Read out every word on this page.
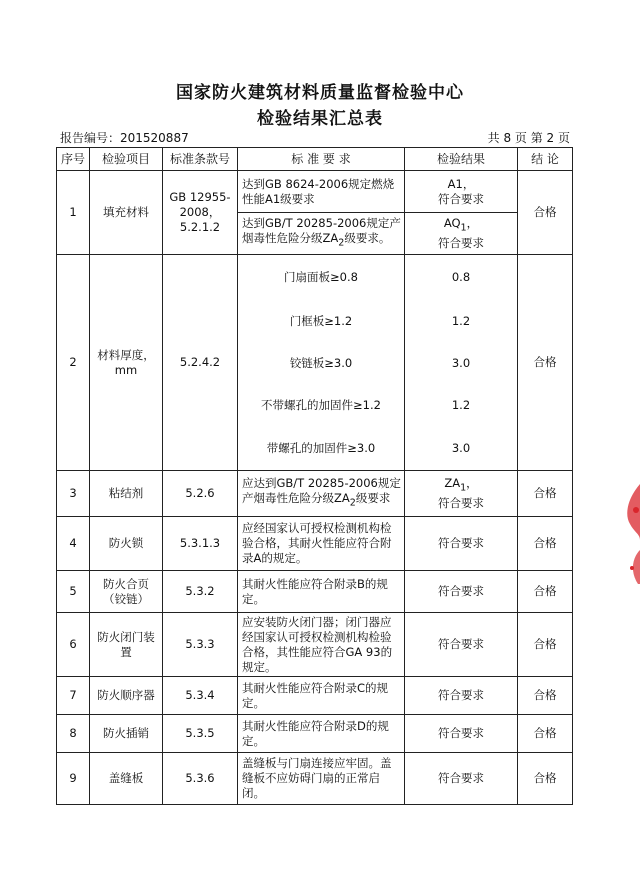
国家防火建筑材料质量监督检验中心
检验结果汇总表
报告编号：201520887	共 8 页 第 2 页
序号	检验项目	标准条款号	标 准 要 求	检验结果	结 论
1	填充材料	GB 12955-2008，5.2.1.2	达到GB 8624-2006规定燃烧性能A1级要求	A1，
符合要求	合格
			达到GB/T 20285-2006规定产烟毒性危险分级$ZA_2$级要求。	$AQ_1$，
符合要求	
2	材料厚度，
mm	5.2.4.2	门扇面板≥0.8	0.8	合格
			门框板≥1.2	1.2	
			铰链板≥3.0	3.0	
			不带螺孔的加固件≥1.2	1.2	
			带螺孔的加固件≥3.0	3.0	
3	粘结剂	5.2.6	应达到GB/T 20285-2006规定产烟毒性危险分级$ZA_2$级要求	$ZA_1$，
符合要求	合格
4	防火锁	5.3.1.3	应经国家认可授权检测机构检验合格，其耐火性能应符合附录A的规定。	符合要求	合格
5	防火合页（铰链）	5.3.2	其耐火性能应符合附录B的规定。	符合要求	合格
6	防火闭门装置	5.3.3	应安装防火闭门器；闭门器应经国家认可授权检测机构检验合格，其性能应符合GA 93的规定。	符合要求	合格
7	防火顺序器	5.3.4	其耐火性能应符合附录C的规定。	符合要求	合格
8	防火插销	5.3.5	其耐火性能应符合附录D的规定。	符合要求	合格
9	盖缝板	5.3.6	盖缝板与门扇连接应牢固。盖缝板不应妨碍门扇的正常启闭。	符合要求	合格
